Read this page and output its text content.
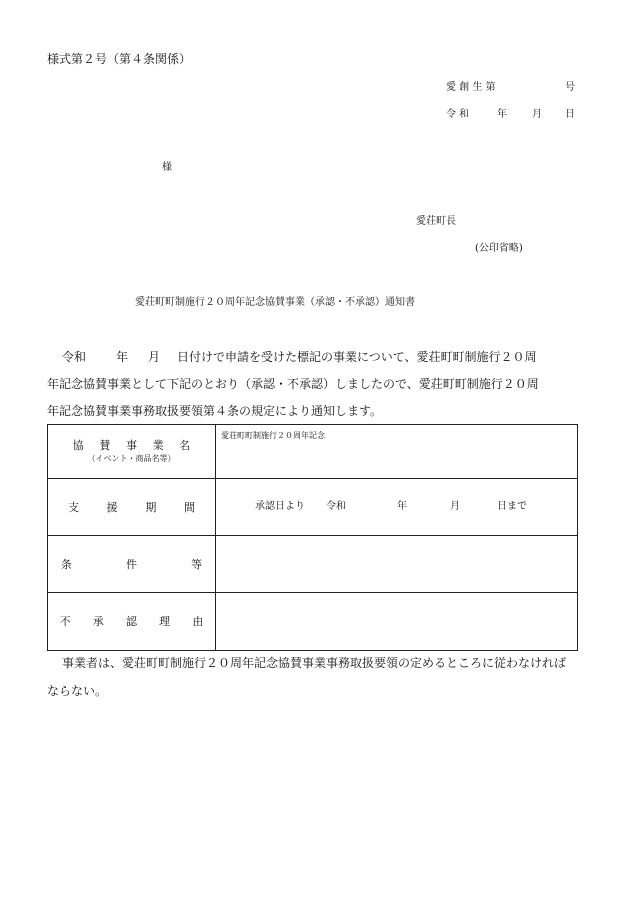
様式第２号（第４条関係）
愛 創 生 第	号
令 和	年	月 日
様
愛荘町長
(公印省略)
愛荘町町制施行２０周年記念協賛事業（承認・不承認）通知書
令和 年 月 日付けで申請を受けた標記の事業について、愛荘町町制施行２０周
年記念協賛事業として下記のとおり（承認・不承認）しましたので、愛荘町町制施行２０周
年記念協賛事業事務取扱要領第４条の規定により通知します。
協 賛 事 業 名
（イベント・商品名等）
愛荘町町制施行２０周年記念
支 援 期 間	承認日より 令和	年	月	日まで
条 件 等
不 承 認 理 由
事業者は、愛荘町町制施行２０周年記念協賛事業事務取扱要領の定めるところに従わなければ
ならない。
